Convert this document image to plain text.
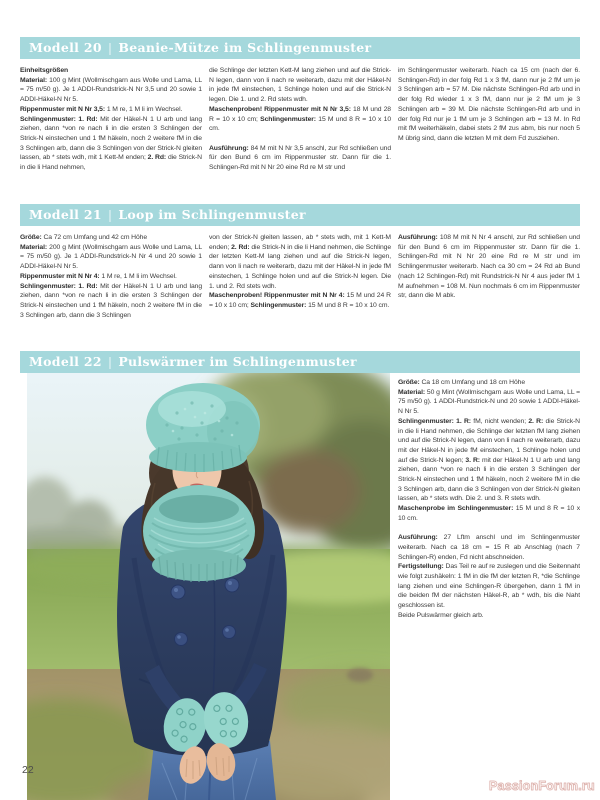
Modell 20 | Beanie-Mütze im Schlingenmuster

Einheitsgrößen

Material: 100 g Mint (Wollmischgarn aus Wolle und Lama, LL = 75 m/50 g). Je 1 ADDI-Rundstrick-N Nr 3,5 und 20 sowie 1 ADDI-Häkel-N Nr 5.

Rippenmuster mit N Nr 3,5: 1 M re, 1 M li im Wechsel.

Schlingenmuster: 1. Rd: Mit der Häkel-N 1 U arb und lang ziehen, dann *von re nach li in die ersten 3 Schlingen der Strick-N einstechen und 1 fM häkeln, noch 2 weitere fM in die 3 Schlingen arb, dann die 3 Schlingen von der Strick-N gleiten lassen, ab * stets wdh, mit 1 Kett-M enden; 2. Rd: die Strick-N in die li Hand nehmen,

die Schlinge der letzten Kett-M lang ziehen und auf die Strick-N legen, dann von li nach re weiterarb, dazu mit der Häkel-N in jede fM einstechen, 1 Schlinge holen und auf die Strick-N legen. Die 1. und 2. Rd stets wdh.

Maschenproben! Rippenmuster mit N Nr 3,5: 18 M und 28 R = 10 x 10 cm; Schlingenmuster: 15 M und 8 R = 10 x 10 cm.

Ausführung: 84 M mit N Nr 3,5 anschl, zur Rd schließen und für den Bund 6 cm im Rippenmuster str. Dann für die 1. Schlingen-Rd mit N Nr 20 eine Rd re M str und

im Schlingenmuster weiterarb. Nach ca 15 cm (nach der 6. Schlingen-Rd) in der folg Rd 1 x 3 fM, dann nur je 2 fM um je 3 Schlingen arb = 57 M. Die nächste Schlingen-Rd arb und in der folg Rd wieder 1 x 3 fM, dann nur je 2 fM um je 3 Schlingen arb = 39 M. Die nächste Schlingen-Rd arb und in der folg Rd nur je 1 fM um je 3 Schlingen arb = 13 M. In Rd mit fM weiterhäkeln, dabei stets 2 fM zus abm, bis nur noch 5 M übrig sind, dann die letzten M mit dem Fd zusziehen.

Modell 21 | Loop im Schlingenmuster

Größe: Ca 72 cm Umfang und 42 cm Höhe

Material: 200 g Mint (Wollmischgarn aus Wolle und Lama, LL = 75 m/50 g). Je 1 ADDI-Rundstrick-N Nr 4 und 20 sowie 1 ADDI-Häkel-N Nr 5.

Rippenmuster mit N Nr 4: 1 M re, 1 M li im Wechsel.

Schlingenmuster: 1. Rd: Mit der Häkel-N 1 U arb und lang ziehen, dann *von re nach li in die ersten 3 Schlingen der Strick-N einstechen und 1 fM häkeln, noch 2 weitere fM in die 3 Schlingen arb, dann die 3 Schlingen

von der Strick-N gleiten lassen, ab * stets wdh, mit 1 Kett-M enden; 2. Rd: die Strick-N in die li Hand nehmen, die Schlinge der letzten Kett-M lang ziehen und auf die Strick-N legen, dann von li nach re weiterarb, dazu mit der Häkel-N in jede fM einstechen, 1 Schlinge holen und auf die Strick-N legen. Die 1. und 2. Rd stets wdh.

Maschenproben! Rippenmuster mit N Nr 4: 15 M und 24 R = 10 x 10 cm; Schlingenmuster: 15 M und 8 R = 10 x 10 cm.

Ausführung: 108 M mit N Nr 4 anschl, zur Rd schließen und für den Bund 6 cm im Rippenmuster str. Dann für die 1. Schlingen-Rd mit N Nr 20 eine Rd re M str und im Schlingenmuster weiterarb. Nach ca 30 cm = 24 Rd ab Bund (nach 12 Schlingen-Rd) mit Rundstrick-N Nr 4 aus jeder fM 1 M aufnehmen = 108 M. Nun nochmals 6 cm im Rippenmuster str, dann die M abk.

Modell 22 | Pulswärmer im Schlingenmuster

Größe: Ca 18 cm Umfang und 18 cm Höhe

Material: 50 g Mint (Wollmischgarn aus Wolle und Lama, LL = 75 m/50 g). 1 ADDI-Rundstrick-N und 20 sowie 1 ADDI-Häkel-N Nr 5.

Schlingenmuster: 1. R: fM, nicht wenden; 2. R: die Strick-N in die li Hand nehmen, die Schlinge der letzten fM lang ziehen und auf die Strick-N legen, dann von li nach re weiterarb, dazu mit der Häkel-N in jede fM einstechen, 1 Schlinge holen und auf die Strick-N legen; 3. R: mit der Häkel-N 1 U arb und lang ziehen, dann *von re nach li in die ersten 3 Schlingen der Strick-N einstechen und 1 fM häkeln, noch 2 weitere fM in die 3 Schlingen arb, dann die 3 Schlingen von der Strick-N gleiten lassen, ab * stets wdh. Die 2. und 3. R stets wdh.

Maschenprobe im Schlingenmuster: 15 M und 8 R = 10 x 10 cm.

Ausführung: 27 Lftm anschl und im Schlingenmuster weiterarb. Nach ca 18 cm = 15 R ab Anschlag (nach 7 Schlingen-R) enden, Fd nicht abschneiden.

Fertigstellung: Das Teil re auf re zuslegen und die Seitennaht wie folgt zushäkeln: 1 fM in die fM der letzten R, *die Schlinge lang ziehen und eine Schlingen-R übergehen, dann 1 fM in die beiden fM der nächsten Häkel-R, ab * wdh, bis die Naht geschlossen ist.

Beide Pulswärmer gleich arb.

22
PassionForum.ru
